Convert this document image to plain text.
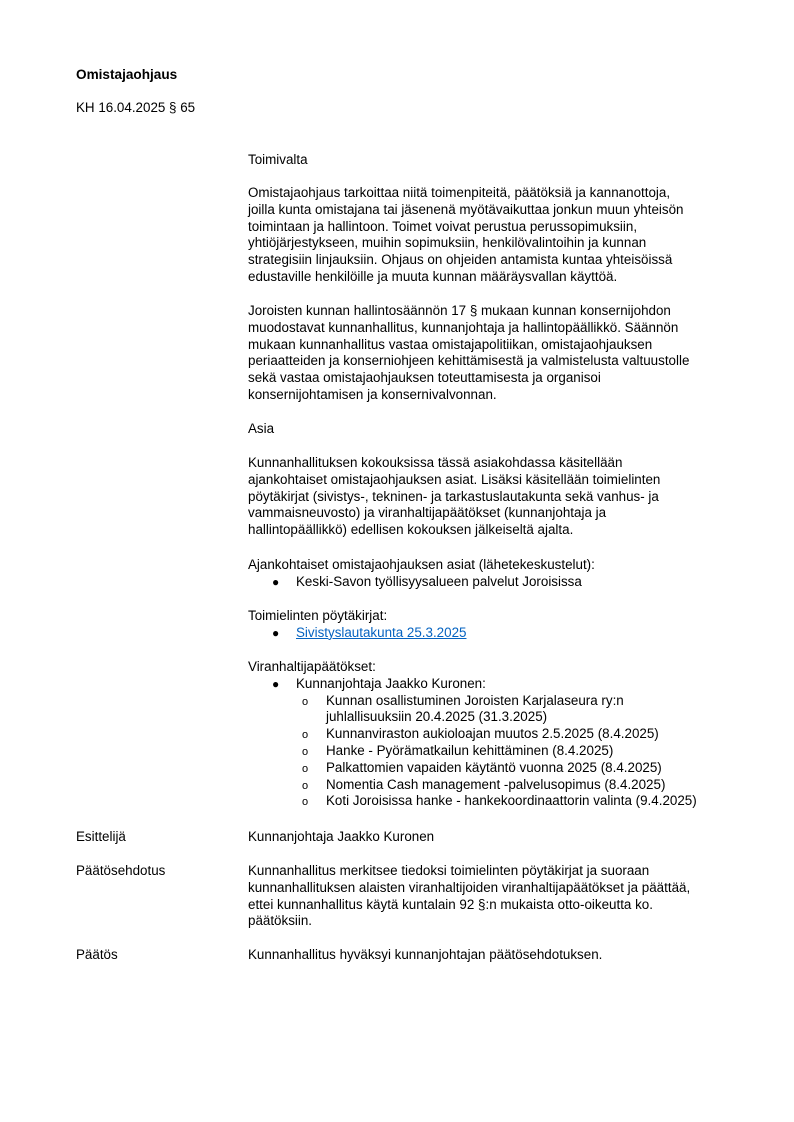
Omistajaohjaus
KH 16.04.2025 § 65

Toimivalta

Omistajaohjaus tarkoittaa niitä toimenpiteitä, päätöksiä ja kannanottoja,
joilla kunta omistajana tai jäsenenä myötävaikuttaa jonkun muun yhteisön
toimintaan ja hallintoon. Toimet voivat perustua perussopimuksiin,
yhtiöjärjestykseen, muihin sopimuksiin, henkilövalintoihin ja kunnan
strategisiin linjauksiin. Ohjaus on ohjeiden antamista kuntaa yhteisöissä
edustaville henkilöille ja muuta kunnan määräysvallan käyttöä.
Joroisten kunnan hallintosäännön 17 § mukaan kunnan konsernijohdon
muodostavat kunnanhallitus, kunnanjohtaja ja hallintopäällikkö. Säännön
mukaan kunnanhallitus vastaa omistajapolitiikan, omistajaohjauksen
periaatteiden ja konserniohjeen kehittämisestä ja valmistelusta valtuustolle
sekä vastaa omistajaohjauksen toteuttamisesta ja organisoi
konsernijohtamisen ja konsernivalvonnan.

Asia

Kunnanhallituksen kokouksissa tässä asiakohdassa käsitellään
ajankohtaiset omistajaohjauksen asiat. Lisäksi käsitellään toimielinten
pöytäkirjat (sivistys-, tekninen- ja tarkastuslautakunta sekä vanhus- ja
vammaisneuvosto) ja viranhaltijapäätökset (kunnanjohtaja ja
hallintopäällikkö) edellisen kokouksen jälkeiseltä ajalta.
Ajankohtaiset omistajaohjauksen asiat (lähetekeskustelut):
● Keski-Savon työllisyysalueen palvelut Joroisissa
Toimielinten pöytäkirjat:
● Sivistyslautakunta 25.3.2025
Viranhaltijapäätökset:
● Kunnanjohtaja Jaakko Kuronen:
o Kunnan osallistuminen Joroisten Karjalaseura ry:n
juhlallisuuksiin 20.4.2025 (31.3.2025)
o Kunnanviraston aukioloajan muutos 2.5.2025 (8.4.2025)
o Hanke - Pyörämatkailun kehittäminen (8.4.2025)
o Palkattomien vapaiden käytäntö vuonna 2025 (8.4.2025)
o Nomentia Cash management -palvelusopimus (8.4.2025)
o Koti Joroisissa hanke - hankekoordinaattorin valinta (9.4.2025)
Esittelijä	Kunnanjohtaja Jaakko Kuronen
Päätösehdotus	Kunnanhallitus merkitsee tiedoksi toimielinten pöytäkirjat ja suoraan
kunnanhallituksen alaisten viranhaltijoiden viranhaltijapäätökset ja päättää,
ettei kunnanhallitus käytä kuntalain 92 §:n mukaista otto-oikeutta ko.
päätöksiin.
Päätös	Kunnanhallitus hyväksyi kunnanjohtajan päätösehdotuksen.
